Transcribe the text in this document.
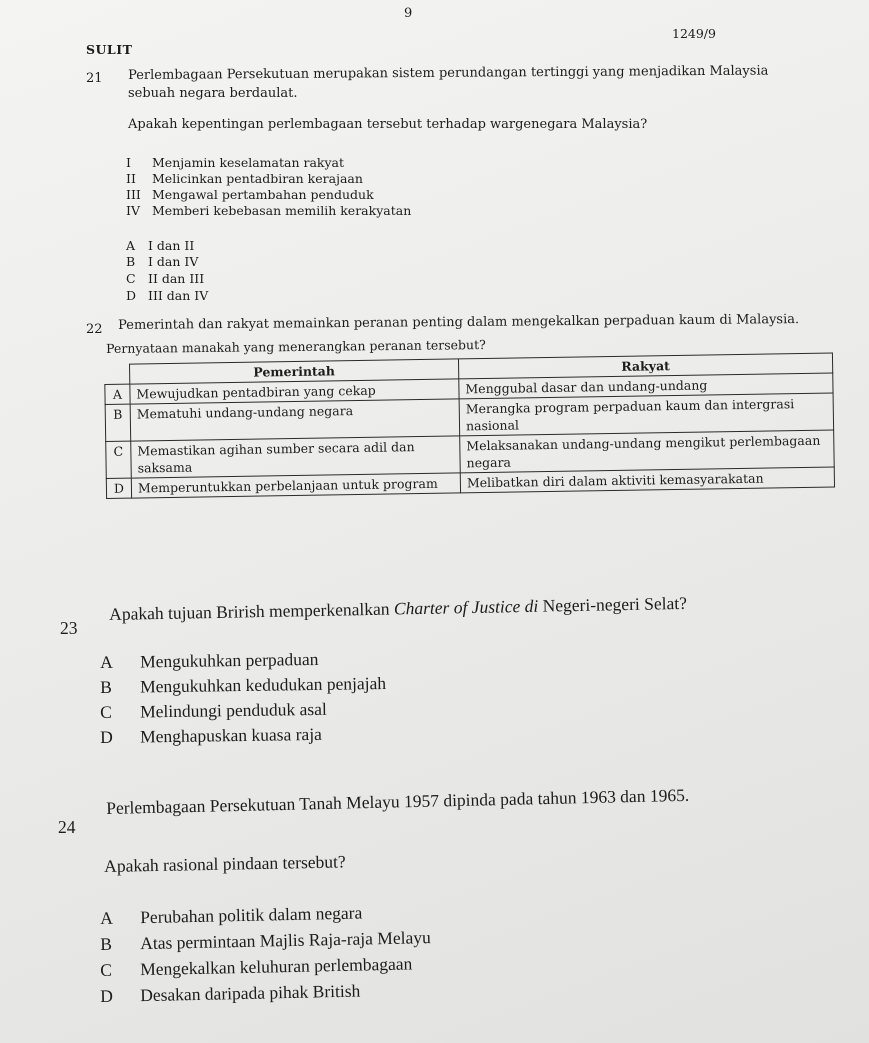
9
1249/9
SULIT
21 Perlembagaan Persekutuan merupakan sistem perundangan tertinggi yang menjadikan Malaysia
sebuah negara berdaulat.
Apakah kepentingan perlembagaan tersebut terhadap wargenegara Malaysia?
I Menjamin keselamatan rakyat
II Melicinkan pentadbiran kerajaan
III Mengawal pertambahan penduduk
IV Memberi kebebasan memilih kerakyatan
A I dan II
B I dan IV
C II dan III
D III dan IV
22 Pemerintah dan rakyat memainkan peranan penting dalam mengekalkan perpaduan kaum di Malaysia.
Pernyataan manakah yang menerangkan peranan tersebut?
	Pemerintah	Rakyat
A	Mewujudkan pentadbiran yang cekap	Menggubal dasar dan undang-undang
B	Mematuhi undang-undang negara	Merangka program perpaduan kaum dan intergrasi nasional
C	Memastikan agihan sumber secara adil dan saksama	Melaksanakan undang-undang mengikut perlembagaan negara
D	Memperuntukkan perbelanjaan untuk program	Melibatkan diri dalam aktiviti kemasyarakatan
23
Apakah tujuan Brirish memperkenalkan Charter of Justice di Negeri-negeri Selat?
A Mengukuhkan perpaduan
B Mengukuhkan kedudukan penjajah
C Melindungi penduduk asal
D Menghapuskan kuasa raja
24
Perlembagaan Persekutuan Tanah Melayu 1957 dipinda pada tahun 1963 dan 1965.
Apakah rasional pindaan tersebut?
A Perubahan politik dalam negara
B Atas permintaan Majlis Raja-raja Melayu
C Mengekalkan keluhuran perlembagaan
D Desakan daripada pihak British
